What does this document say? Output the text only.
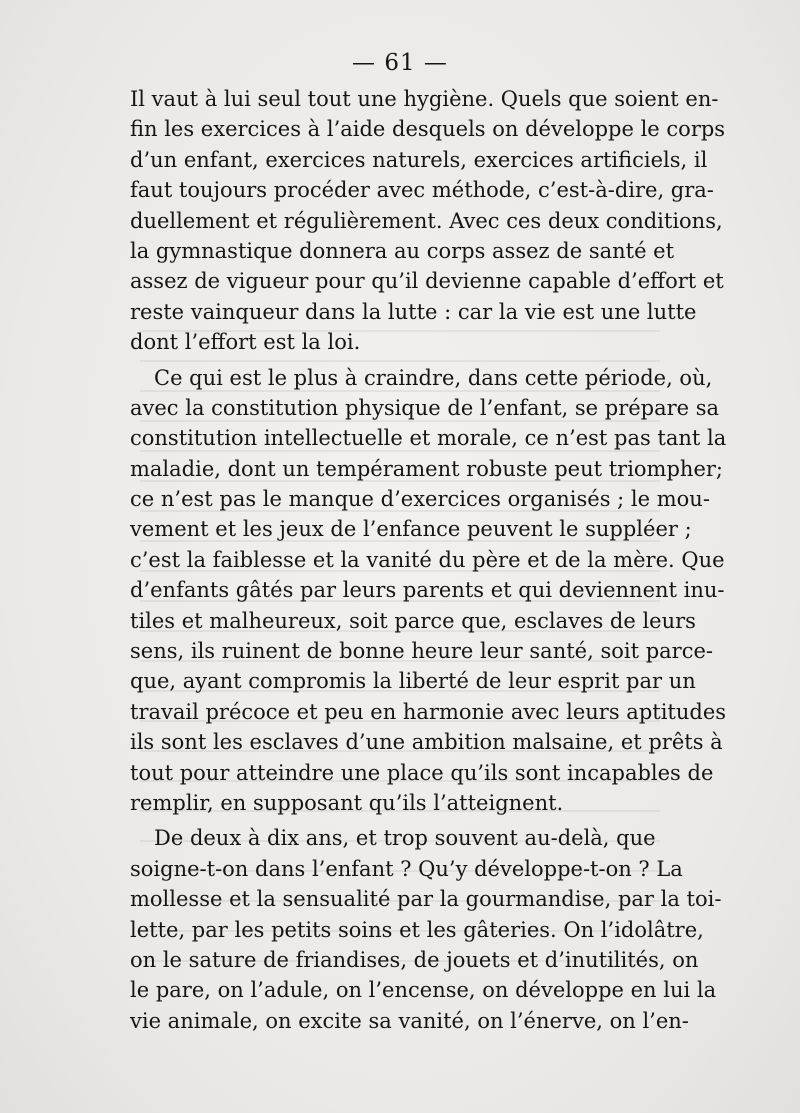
— 61 —
Il vaut à lui seul tout une hygiène. Quels que soient en-
fin les exercices à l’aide desquels on développe le corps
d’un enfant, exercices naturels, exercices artificiels, il
faut toujours procéder avec méthode, c’est-à-dire, gra-
duellement et régulièrement. Avec ces deux conditions,
la gymnastique donnera au corps assez de santé et
assez de vigueur pour qu’il devienne capable d’effort et
reste vainqueur dans la lutte : car la vie est une lutte
dont l’effort est la loi.
Ce qui est le plus à craindre, dans cette période, où,
avec la constitution physique de l’enfant, se prépare sa
constitution intellectuelle et morale, ce n’est pas tant la
maladie, dont un tempérament robuste peut triompher;
ce n’est pas le manque d’exercices organisés ; le mou-
vement et les jeux de l’enfance peuvent le suppléer ;
c’est la faiblesse et la vanité du père et de la mère. Que
d’enfants gâtés par leurs parents et qui deviennent inu-
tiles et malheureux, soit parce que, esclaves de leurs
sens, ils ruinent de bonne heure leur santé, soit parce-
que, ayant compromis la liberté de leur esprit par un
travail précoce et peu en harmonie avec leurs aptitudes
ils sont les esclaves d’une ambition malsaine, et prêts à
tout pour atteindre une place qu’ils sont incapables de
remplir, en supposant qu’ils l’atteignent.
De deux à dix ans, et trop souvent au-delà, que
soigne-t-on dans l’enfant ? Qu’y développe-t-on ? La
mollesse et la sensualité par la gourmandise, par la toi-
lette, par les petits soins et les gâteries. On l’idolâtre,
on le sature de friandises, de jouets et d’inutilités, on
le pare, on l’adule, on l’encense, on développe en lui la
vie animale, on excite sa vanité, on l’énerve, on l’en-
